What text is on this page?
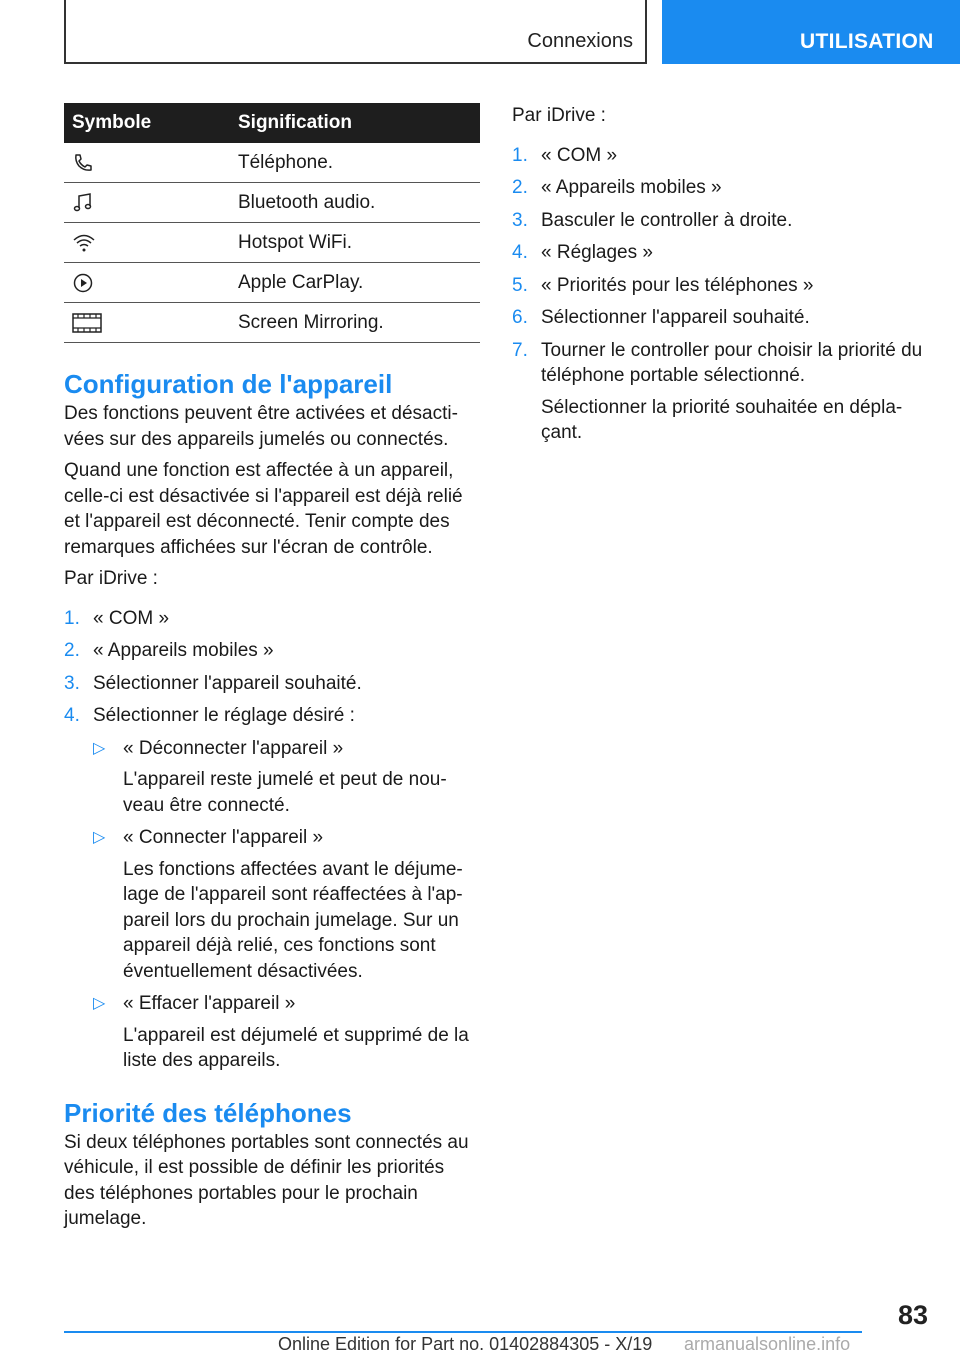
Connexions	UTILISATION
Symbole	Signification

	Téléphone.

	Bluetooth audio.

	Hotspot WiFi.

	Apple CarPlay.

	Screen Mirroring.
Configuration de l'appareil

Des fonctions peuvent être activées et désacti-vées sur des appareils jumelés ou connectés.

Quand une fonction est affectée à un appareil, celle-ci est désactivée si l'appareil est déjà relié et l'appareil est déconnecté. Tenir compte des remarques affichées sur l'écran de contrôle.

Par iDrive :

1. « COM »
2. « Appareils mobiles »
3. Sélectionner l'appareil souhaité.
4. Sélectionner le réglage désiré :
▷ « Déconnecter l'appareil »
L'appareil reste jumelé et peut de nou-veau être connecté.
▷ « Connecter l'appareil »
Les fonctions affectées avant le déjume-lage de l'appareil sont réaffectées à l'ap-pareil lors du prochain jumelage. Sur un appareil déjà relié, ces fonctions sont éventuellement désactivées.
▷ « Effacer l'appareil »
L'appareil est déjumelé et supprimé de la liste des appareils.
Priorité des téléphones

Si deux téléphones portables sont connectés au véhicule, il est possible de définir les priorités des téléphones portables pour le prochain jumelage.

Par iDrive :

1. « COM »
2. « Appareils mobiles »
3. Basculer le controller à droite.
4. « Réglages »
5. « Priorités pour les téléphones »
6. Sélectionner l'appareil souhaité.
7. Tourner le controller pour choisir la priorité du téléphone portable sélectionné.
Sélectionner la priorité souhaitée en dépla-çant.
83
Online Edition for Part no. 01402884305 - X/19 armanualsonline.info
